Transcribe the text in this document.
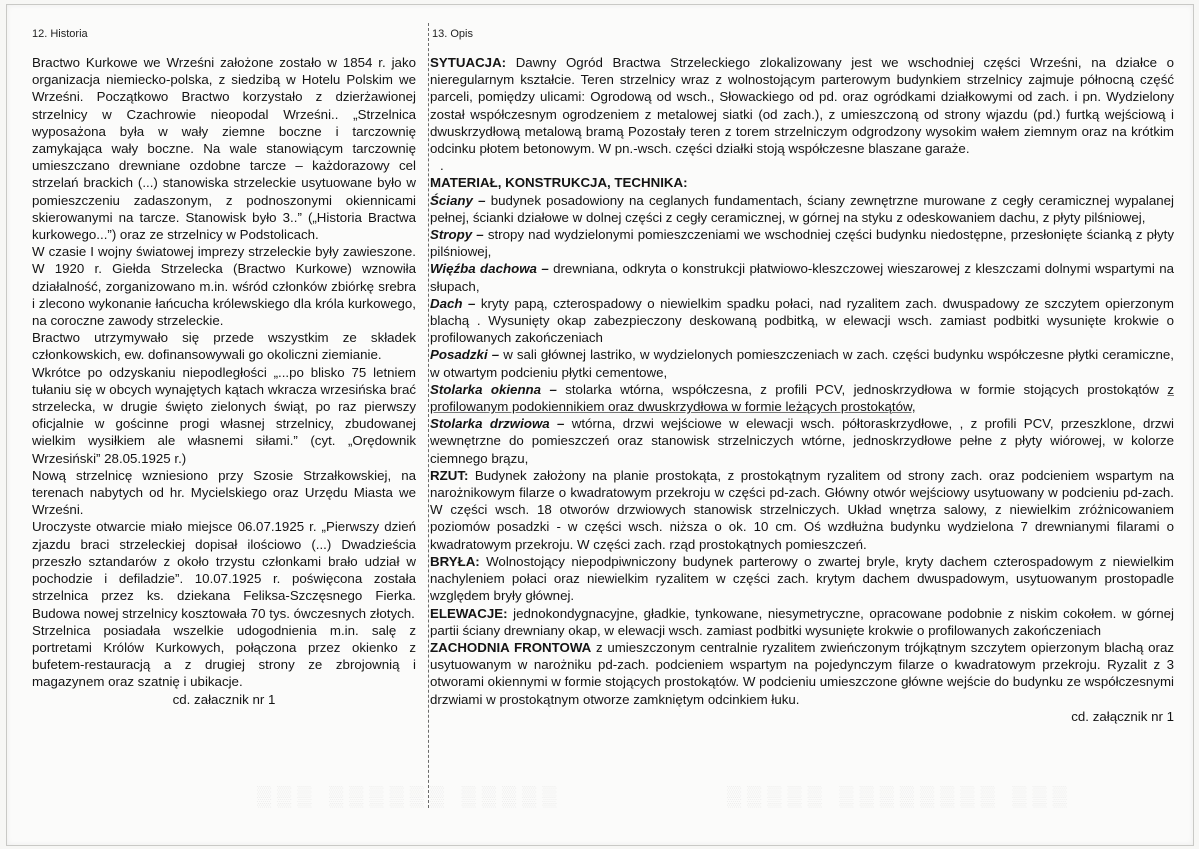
▒▒▒ ▒▒▒▒▒▒ ▒▒▒▒▒	▒▒▒▒▒ ▒▒▒▒▒▒▒▒ ▒▒▒
12. Historia	13. Opis

Bractwo Kurkowe we Wrześni założone zostało w 1854 r. jako organizacja niemiecko-polska, z siedzibą w Hotelu Polskim we Wrześni. Początkowo Bractwo korzystało z dzierżawionej strzelnicy w Czachrowie nieopodal Wrześni.. „Strzelnica wyposażona była w wały ziemne boczne i tarczownię zamykająca wały boczne. Na wale stanowiącym tarczownię umieszczano drewniane ozdobne tarcze – każdorazowy cel strzelań brackich (...) stanowiska strzeleckie usytuowane było w pomieszczeniu zadaszonym, z podnoszonymi okiennicami skierowanymi na tarcze. Stanowisk było 3..” („Historia Bractwa kurkowego...”) oraz ze strzelnicy w Podstolicach.

W czasie I wojny światowej imprezy strzeleckie były zawieszone. W 1920 r. Giełda Strzelecka (Bractwo Kurkowe) wznowiła działalność, zorganizowano m.in. wśród członków zbiórkę srebra i zlecono wykonanie łańcucha królewskiego dla króla kurkowego, na coroczne zawody strzeleckie.

Bractwo utrzymywało się przede wszystkim ze składek członkowskich, ew. dofinansowywali go okoliczni ziemianie.

Wkrótce po odzyskaniu niepodległości „...po blisko 75 letniem tułaniu się w obcych wynajętych kątach wkracza wrzesińska brać strzelecka, w drugie święto zielonych świąt, po raz pierwszy oficjalnie w gościnne progi własnej strzelnicy, zbudowanej wielkim wysiłkiem ale własnemi siłami.” (cyt. „Orędownik Wrzesiński” 28.05.1925 r.)

Nową strzelnicę wzniesiono przy Szosie Strzałkowskiej, na terenach nabytych od hr. Mycielskiego oraz Urzędu Miasta we Wrześni.

Uroczyste otwarcie miało miejsce 06.07.1925 r. „Pierwszy dzień zjazdu braci strzeleckiej dopisał ilościowo (...) Dwadzieścia przeszło sztandarów z około trzystu członkami brało udział w pochodzie i defiladzie”. 10.07.1925 r. poświęcona została strzelnica przez ks. dziekana Feliksa-Szczęsnego Fierka. Budowa nowej strzelnicy kosztowała 70 tys. ówczesnych złotych.

Strzelnica posiadała wszelkie udogodnienia m.in. salę z portretami Królów Kurkowych, połączona przez okienko z bufetem-restauracją a z drugiej strony ze zbrojownią i magazynem oraz szatnię i ubikacje.

cd. załacznik nr 1

SYTUACJA: Dawny Ogród Bractwa Strzeleckiego zlokalizowany jest we wschodniej części Wrześni, na działce o nieregularnym kształcie. Teren strzelnicy wraz z wolnostojącym parterowym budynkiem strzelnicy zajmuje północną część parceli, pomiędzy ulicami: Ogrodową od wsch., Słowackiego od pd. oraz ogródkami działkowymi od zach. i pn. Wydzielony został współczesnym ogrodzeniem z metalowej siatki (od zach.), z umieszczoną od strony wjazdu (pd.) furtką wejściową i dwuskrzydłową metalową bramą Pozostały teren z torem strzelniczym odgrodzony wysokim wałem ziemnym oraz na krótkim odcinku płotem betonowym. W pn.-wsch. części działki stoją współczesne blaszane garaże.

.

MATERIAŁ, KONSTRUKCJA, TECHNIKA:

Ściany – budynek posadowiony na ceglanych fundamentach, ściany zewnętrzne murowane z cegły ceramicznej wypalanej pełnej, ścianki działowe w dolnej części z cegły ceramicznej, w górnej na styku z odeskowaniem dachu, z płyty pilśniowej,

Stropy – stropy nad wydzielonymi pomieszczeniami we wschodniej części budynku niedostępne, przesłonięte ścianką z płyty pilśniowej,

Więźba dachowa – drewniana, odkryta o konstrukcji płatwiowo-kleszczowej wieszarowej z kleszczami dolnymi wspartymi na słupach,

Dach – kryty papą, czterospadowy o niewielkim spadku połaci, nad ryzalitem zach. dwuspadowy ze szczytem opierzonym blachą . Wysunięty okap zabezpieczony deskowaną podbitką, w elewacji wsch. zamiast podbitki wysunięte krokwie o profilowanych zakończeniach

Posadzki – w sali głównej lastriko, w wydzielonych pomieszczeniach w zach. części budynku współczesne płytki ceramiczne, w otwartym podcieniu płytki cementowe,

Stolarka okienna – stolarka wtórna, współczesna, z profili PCV, jednoskrzydłowa w formie stojących prostokątów z profilowanym podokiennikiem oraz dwuskrzydłowa w formie leżących prostokątów,

Stolarka drzwiowa – wtórna, drzwi wejściowe w elewacji wsch. półtoraskrzydłowe, , z profili PCV, przeszklone, drzwi wewnętrzne do pomieszczeń oraz stanowisk strzelniczych wtórne, jednoskrzydłowe pełne z płyty wiórowej, w kolorze ciemnego brązu,

RZUT: Budynek założony na planie prostokąta, z prostokątnym ryzalitem od strony zach. oraz podcieniem wspartym na narożnikowym filarze o kwadratowym przekroju w części pd-zach. Główny otwór wejściowy usytuowany w podcieniu pd-zach. W części wsch. 18 otworów drzwiowych stanowisk strzelniczych. Układ wnętrza salowy, z niewielkim zróżnicowaniem poziomów posadzki - w części wsch. niższa o ok. 10 cm. Oś wzdłużna budynku wydzielona 7 drewnianymi filarami o kwadratowym przekroju. W części zach. rząd prostokątnych pomieszczeń.

BRYŁA: Wolnostojący niepodpiwniczony budynek parterowy o zwartej bryle, kryty dachem czterospadowym z niewielkim nachyleniem połaci oraz niewielkim ryzalitem w części zach. krytym dachem dwuspadowym, usytuowanym prostopadle względem bryły głównej.

ELEWACJE: jednokondygnacyjne, gładkie, tynkowane, niesymetryczne, opracowane podobnie z niskim cokołem. w górnej partii ściany drewniany okap, w elewacji wsch. zamiast podbitki wysunięte krokwie o profilowanych zakończeniach

ZACHODNIA FRONTOWA z umieszczonym centralnie ryzalitem zwieńczonym trójkątnym szczytem opierzonym blachą oraz usytuowanym w narożniku pd-zach. podcieniem wspartym na pojedynczym filarze o kwadratowym przekroju. Ryzalit z 3 otworami okiennymi w formie stojących prostokątów. W podcieniu umieszczone główne wejście do budynku ze współczesnymi drzwiami w prostokątnym otworze zamkniętym odcinkiem łuku.

cd. załącznik nr 1
